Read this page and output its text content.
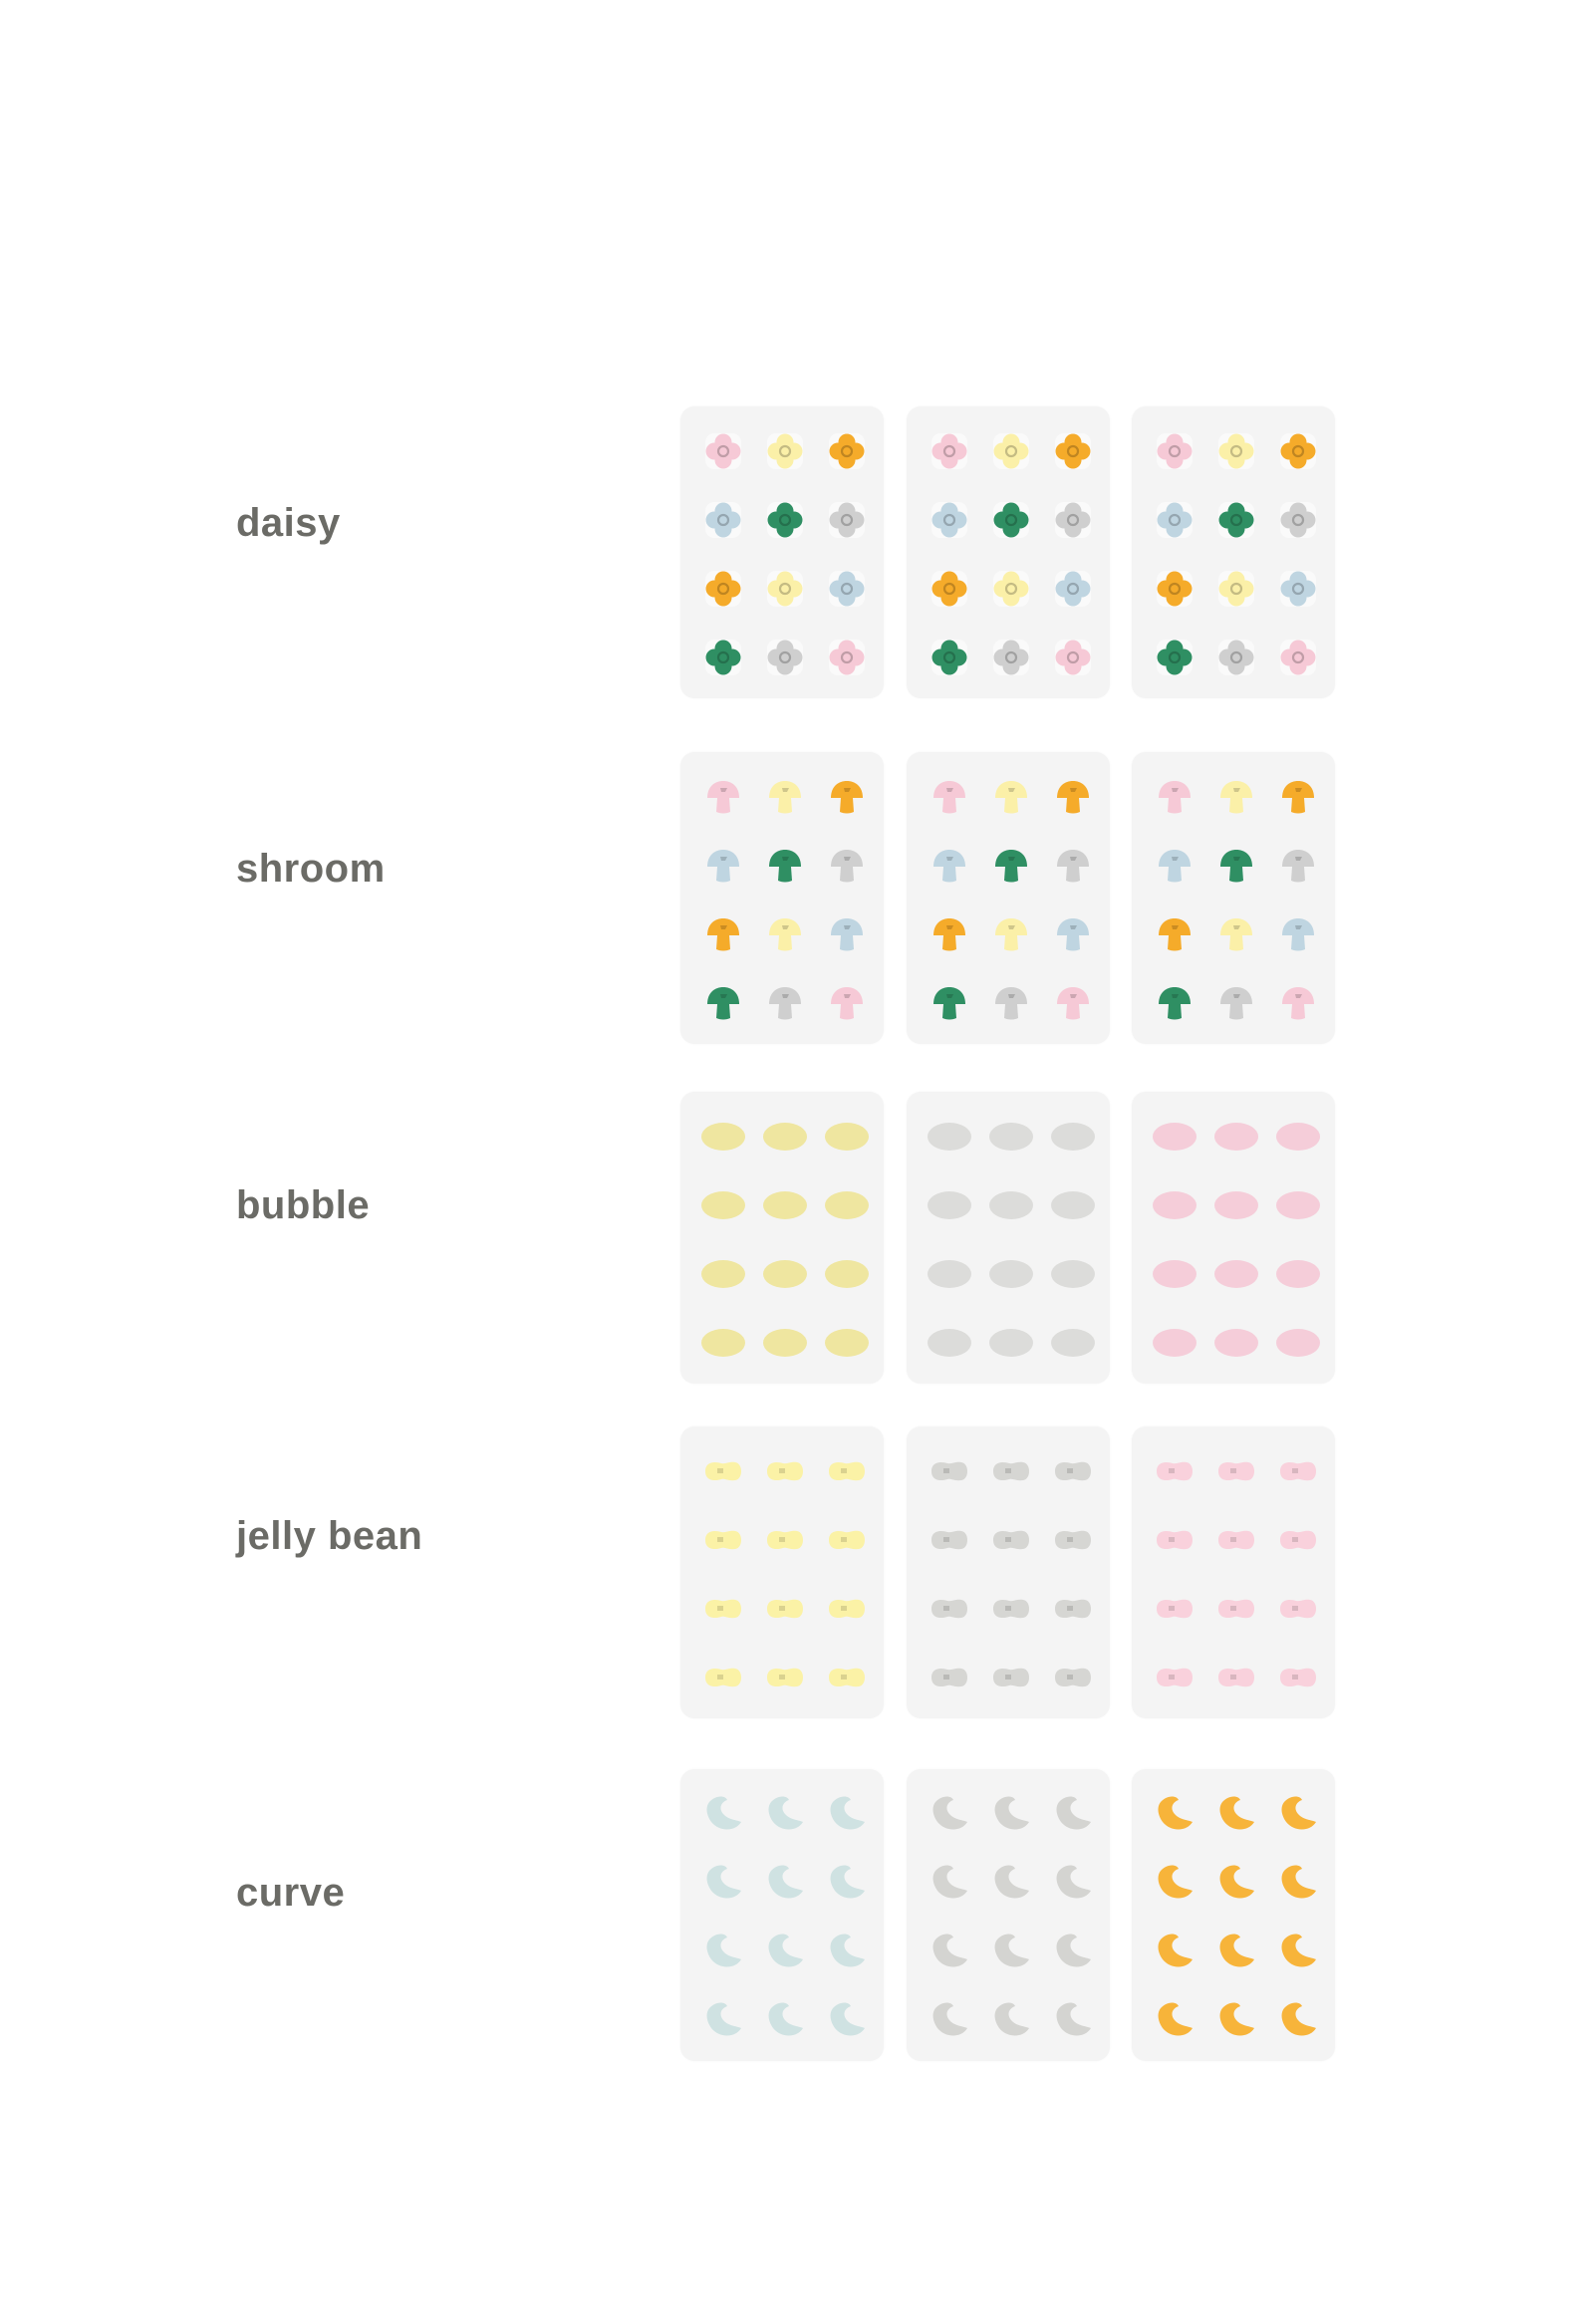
daisy
shroom
bubble
jelly bean
curve
